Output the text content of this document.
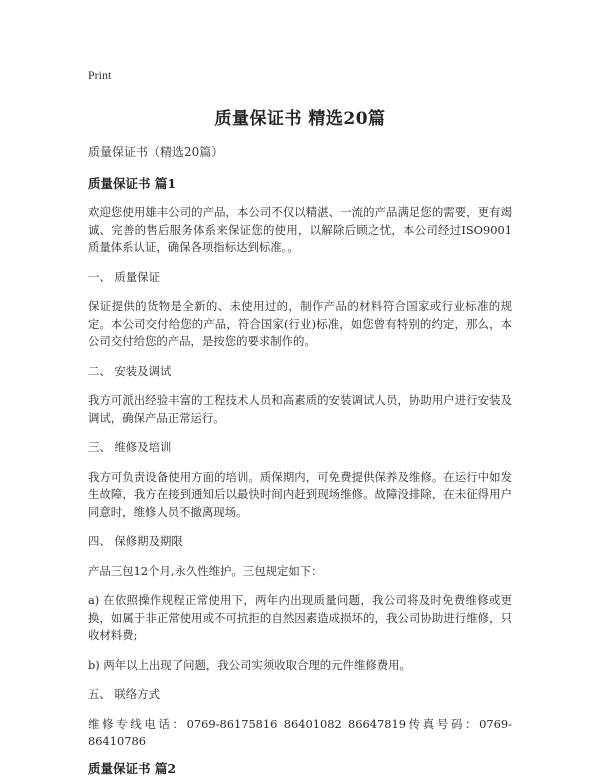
Print
质量保证书 精选20篇

质量保证书（精选20篇）

质量保证书 篇1

欢迎您使用雄丰公司的产品，本公司不仅以精湛、一流的产品满足您的需要，更有竭诚、完善的售后服务体系来保证您的使用，以解除后顾之忧，本公司经过ISO9001质量体系认证，确保各项指标达到标准。。

一、 质量保证

保证提供的货物是全新的、未使用过的，制作产品的材料符合国家或行业标准的规定。本公司交付给您的产品，符合国家(行业)标准，如您曾有特别的约定，那么，本公司交付给您的产品，是按您的要求制作的。

二、 安装及调试

我方可派出经验丰富的工程技术人员和高素质的安装调试人员，协助用户进行安装及调试，确保产品正常运行。

三、 维修及培训

我方可负责设备使用方面的培训。质保期内，可免费提供保养及维修。在运行中如发生故障，我方在接到通知后以最快时间内赶到现场维修。故障没排除，在未征得用户同意时，维修人员不撤离现场。

四、 保修期及期限

产品三包12个月,永久性维护。三包规定如下：

a) 在依照操作规程正常使用下，两年内出现质量问题，我公司将及时免费维修或更换，如属于非正常使用或不可抗拒的自然因素造成损坏的，我公司协助进行维修，只收材料费;

b) 两年以上出现了问题，我公司实须收取合理的元件维修费用。

五、 联络方式

维修专线电话：0769-86175816 86401082 86647819传真号码：0769-86410786

质量保证书 篇2
